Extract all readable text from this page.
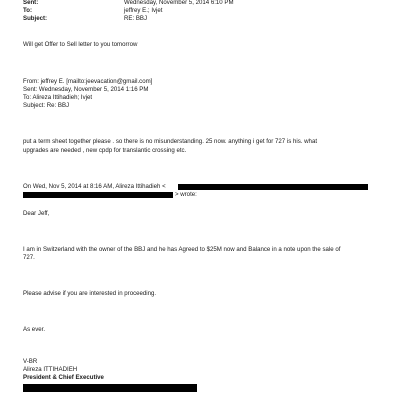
Sent:	Wednesday, November 5, 2014 6:10 PM
To:	jeffrey E.; Ivjet
Subject:	RE: BBJ
Will get Offer to Sell letter to you tomorrow
From: jeffrey E. [mailto:jeevacation@gmail.com]
Sent: Wednesday, November 5, 2014 1:16 PM
To: Alireza Ittihadieh; Ivjet
Subject: Re: BBJ
put a term sheet together please . so there is no misunderstanding. 25 now. anything i get for 727 is his. what
upgrades are needed , new cpdp for translantic crossing etc.
On Wed, Nov 5, 2014 at 8:16 AM, Alireza Ittihadieh <
> wrote:
Dear Jeff,
I am in Switzerland with the owner of the BBJ and he has Agreed to $25M now and Balance in a note upon the sale of
727.
Please advise if you are interested in proceeding.
As ever.
V-BR
Alireza ITTIHADIEH
President & Chief Executive
